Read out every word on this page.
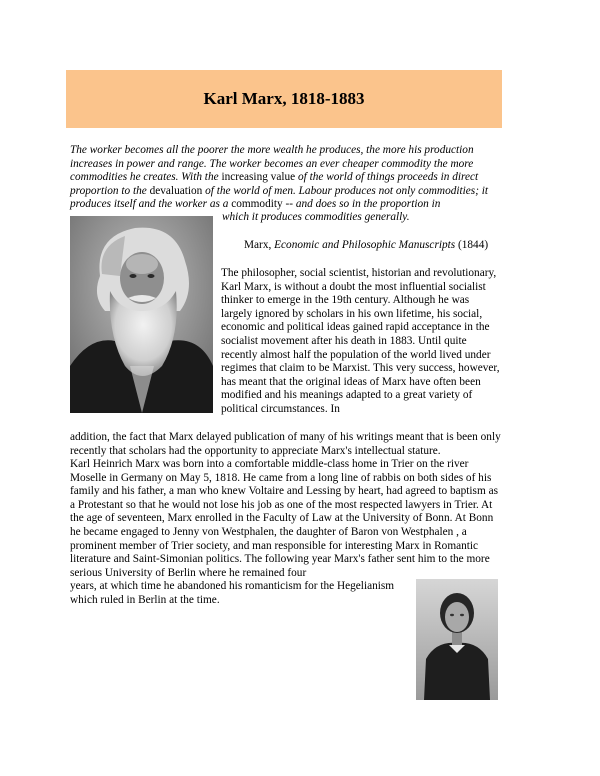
Karl Marx, 1818-1883

The worker becomes all the poorer the more wealth he produces, the more his production increases in power and range. The worker becomes an ever cheaper commodity the more commodities he creates. With the increasing value of the world of things proceeds in direct proportion to the devaluation of the world of men. Labour produces not only commodities; it produces itself and the worker as a commodity -- and does so in the proportion in

which it produces commodities generally.

Marx, Economic and Philosophic Manuscripts (1844)

The philosopher, social scientist, historian and revolutionary, Karl Marx, is without a doubt the most influential socialist thinker to emerge in the 19th century. Although he was largely ignored by scholars in his own lifetime, his social, economic and political ideas gained rapid acceptance in the socialist movement after his death in 1883. Until quite recently almost half the population of the world lived under regimes that claim to be Marxist. This very success, however, has meant that the original ideas of Marx have often been modified and his meanings adapted to a great variety of political circumstances. In

addition, the fact that Marx delayed publication of many of his writings meant that is been only recently that scholars had the opportunity to appreciate Marx's intellectual stature.

Karl Heinrich Marx was born into a comfortable middle-class home in Trier on the river Moselle in Germany on May 5, 1818. He came from a long line of rabbis on both sides of his family and his father, a man who knew Voltaire and Lessing by heart, had agreed to baptism as a Protestant so that he would not lose his job as one of the most respected lawyers in Trier. At the age of seventeen, Marx enrolled in the Faculty of Law at the University of Bonn. At Bonn he became engaged to Jenny von Westphalen, the daughter of Baron von Westphalen , a prominent member of Trier society, and man responsible for interesting Marx in Romantic literature and Saint-Simonian politics. The following year Marx's father sent him to the more serious University of Berlin where he remained four

years, at which time he abandoned his romanticism for the Hegelianism which ruled in Berlin at the time.
